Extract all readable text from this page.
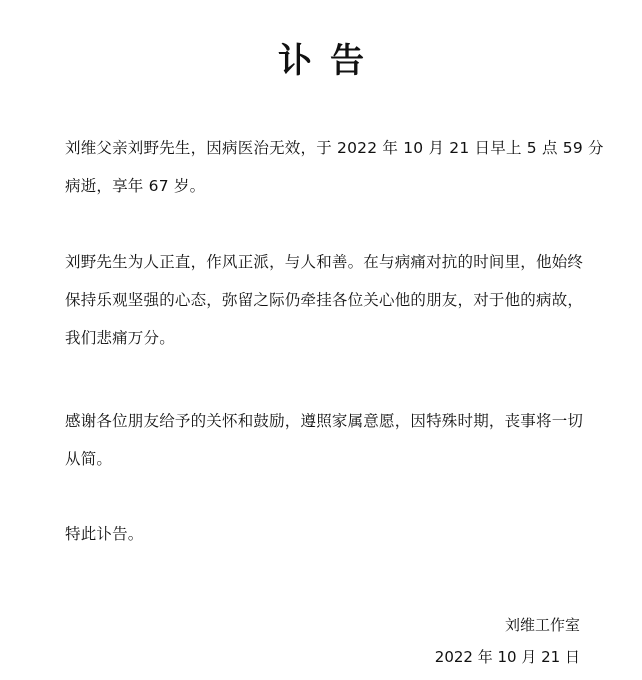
讣告

刘维父亲刘野先生，因病医治无效，于 2022 年 10 月 21 日早上 5 点 59 分
病逝，享年 67 岁。

刘野先生为人正直，作风正派，与人和善。在与病痛对抗的时间里，他始终
保持乐观坚强的心态，弥留之际仍牵挂各位关心他的朋友，对于他的病故，
我们悲痛万分。

感谢各位朋友给予的关怀和鼓励，遵照家属意愿，因特殊时期，丧事将一切
从简。

特此讣告。

刘维工作室

2022 年 10 月 21 日
